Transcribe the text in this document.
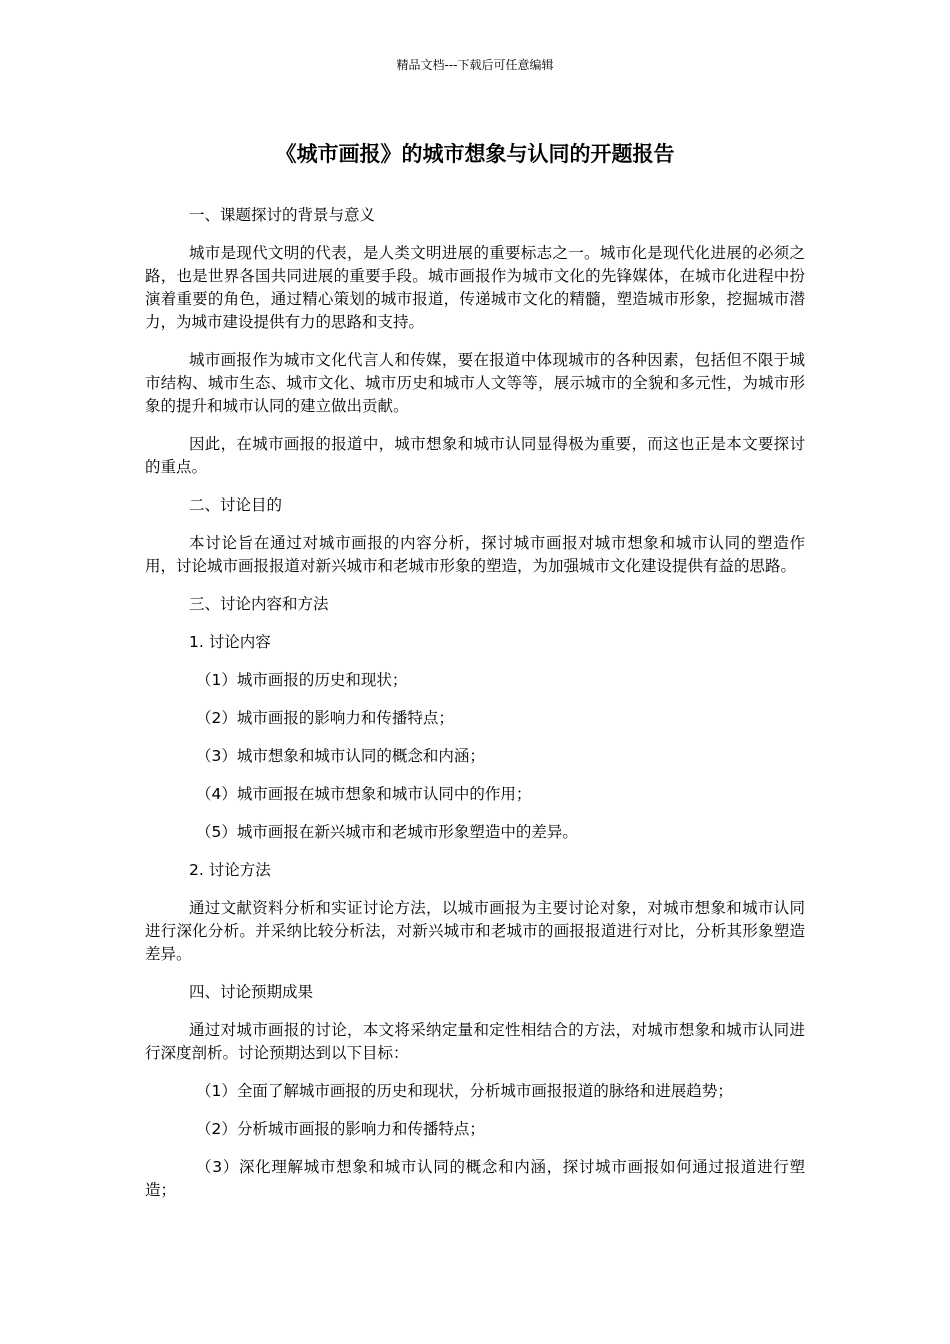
精品文档---下载后可任意编辑
《城市画报》的城市想象与认同的开题报告
一、课题探讨的背景与意义
城市是现代文明的代表，是人类文明进展的重要标志之一。城市化是现代化进展的必须之路，也是世界各国共同进展的重要手段。城市画报作为城市文化的先锋媒体，在城市化进程中扮演着重要的角色，通过精心策划的城市报道，传递城市文化的精髓，塑造城市形象，挖掘城市潜力，为城市建设提供有力的思路和支持。
城市画报作为城市文化代言人和传媒，要在报道中体现城市的各种因素，包括但不限于城市结构、城市生态、城市文化、城市历史和城市人文等等，展示城市的全貌和多元性，为城市形象的提升和城市认同的建立做出贡献。
因此，在城市画报的报道中，城市想象和城市认同显得极为重要，而这也正是本文要探讨的重点。
二、讨论目的
本讨论旨在通过对城市画报的内容分析，探讨城市画报对城市想象和城市认同的塑造作用，讨论城市画报报道对新兴城市和老城市形象的塑造，为加强城市文化建设提供有益的思路。
三、讨论内容和方法
1. 讨论内容
（1）城市画报的历史和现状；
（2）城市画报的影响力和传播特点；
（3）城市想象和城市认同的概念和内涵；
（4）城市画报在城市想象和城市认同中的作用；
（5）城市画报在新兴城市和老城市形象塑造中的差异。
2. 讨论方法
通过文献资料分析和实证讨论方法，以城市画报为主要讨论对象，对城市想象和城市认同进行深化分析。并采纳比较分析法，对新兴城市和老城市的画报报道进行对比，分析其形象塑造差异。
四、讨论预期成果
通过对城市画报的讨论，本文将采纳定量和定性相结合的方法，对城市想象和城市认同进行深度剖析。讨论预期达到以下目标：
（1）全面了解城市画报的历史和现状，分析城市画报报道的脉络和进展趋势；
（2）分析城市画报的影响力和传播特点；
（3）深化理解城市想象和城市认同的概念和内涵，探讨城市画报如何通过报道进行塑造；
